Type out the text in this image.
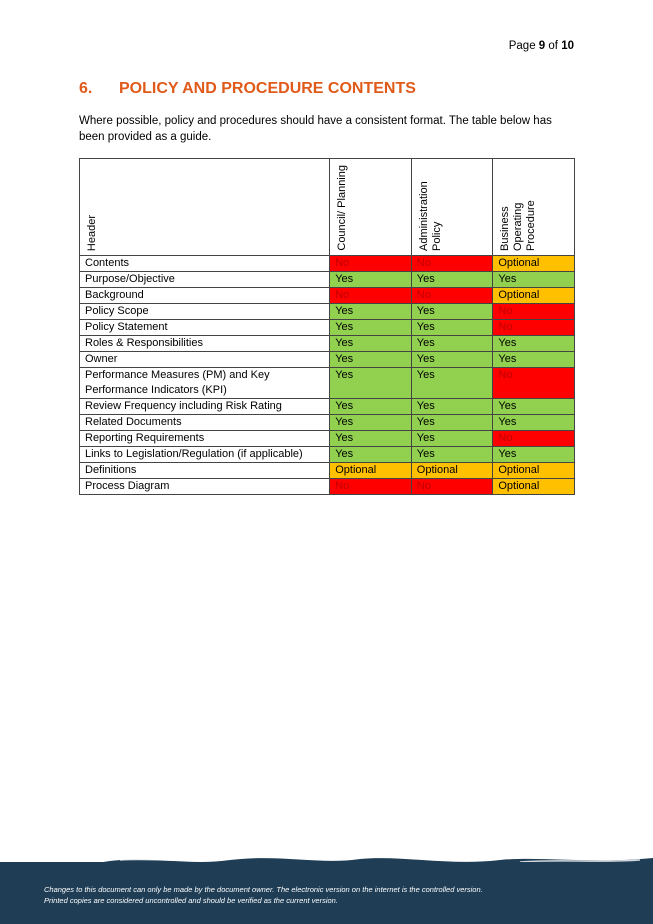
Page 9 of 10
6.	POLICY AND PROCEDURE CONTENTS
Where possible, policy and procedures should have a consistent format. The table below has been provided as a guide.
Header	Council/ Planning	Administration Policy	Business Operating Procedure

Contents	No	No	Optional
Purpose/Objective	Yes	Yes	Yes
Background	No	No	Optional
Policy Scope	Yes	Yes	No
Policy Statement	Yes	Yes	No
Roles & Responsibilities	Yes	Yes	Yes
Owner	Yes	Yes	Yes
Performance Measures (PM) and Key Performance Indicators (KPI)	Yes	Yes	No
Review Frequency including Risk Rating	Yes	Yes	Yes
Related Documents	Yes	Yes	Yes
Reporting Requirements	Yes	Yes	No
Links to Legislation/Regulation (if applicable)	Yes	Yes	Yes
Definitions	Optional	Optional	Optional
Process Diagram	No	No	Optional
Changes to this document can only be made by the document owner. The electronic version on the internet is the controlled version.
Printed copies are considered uncontrolled and should be verified as the current version.
